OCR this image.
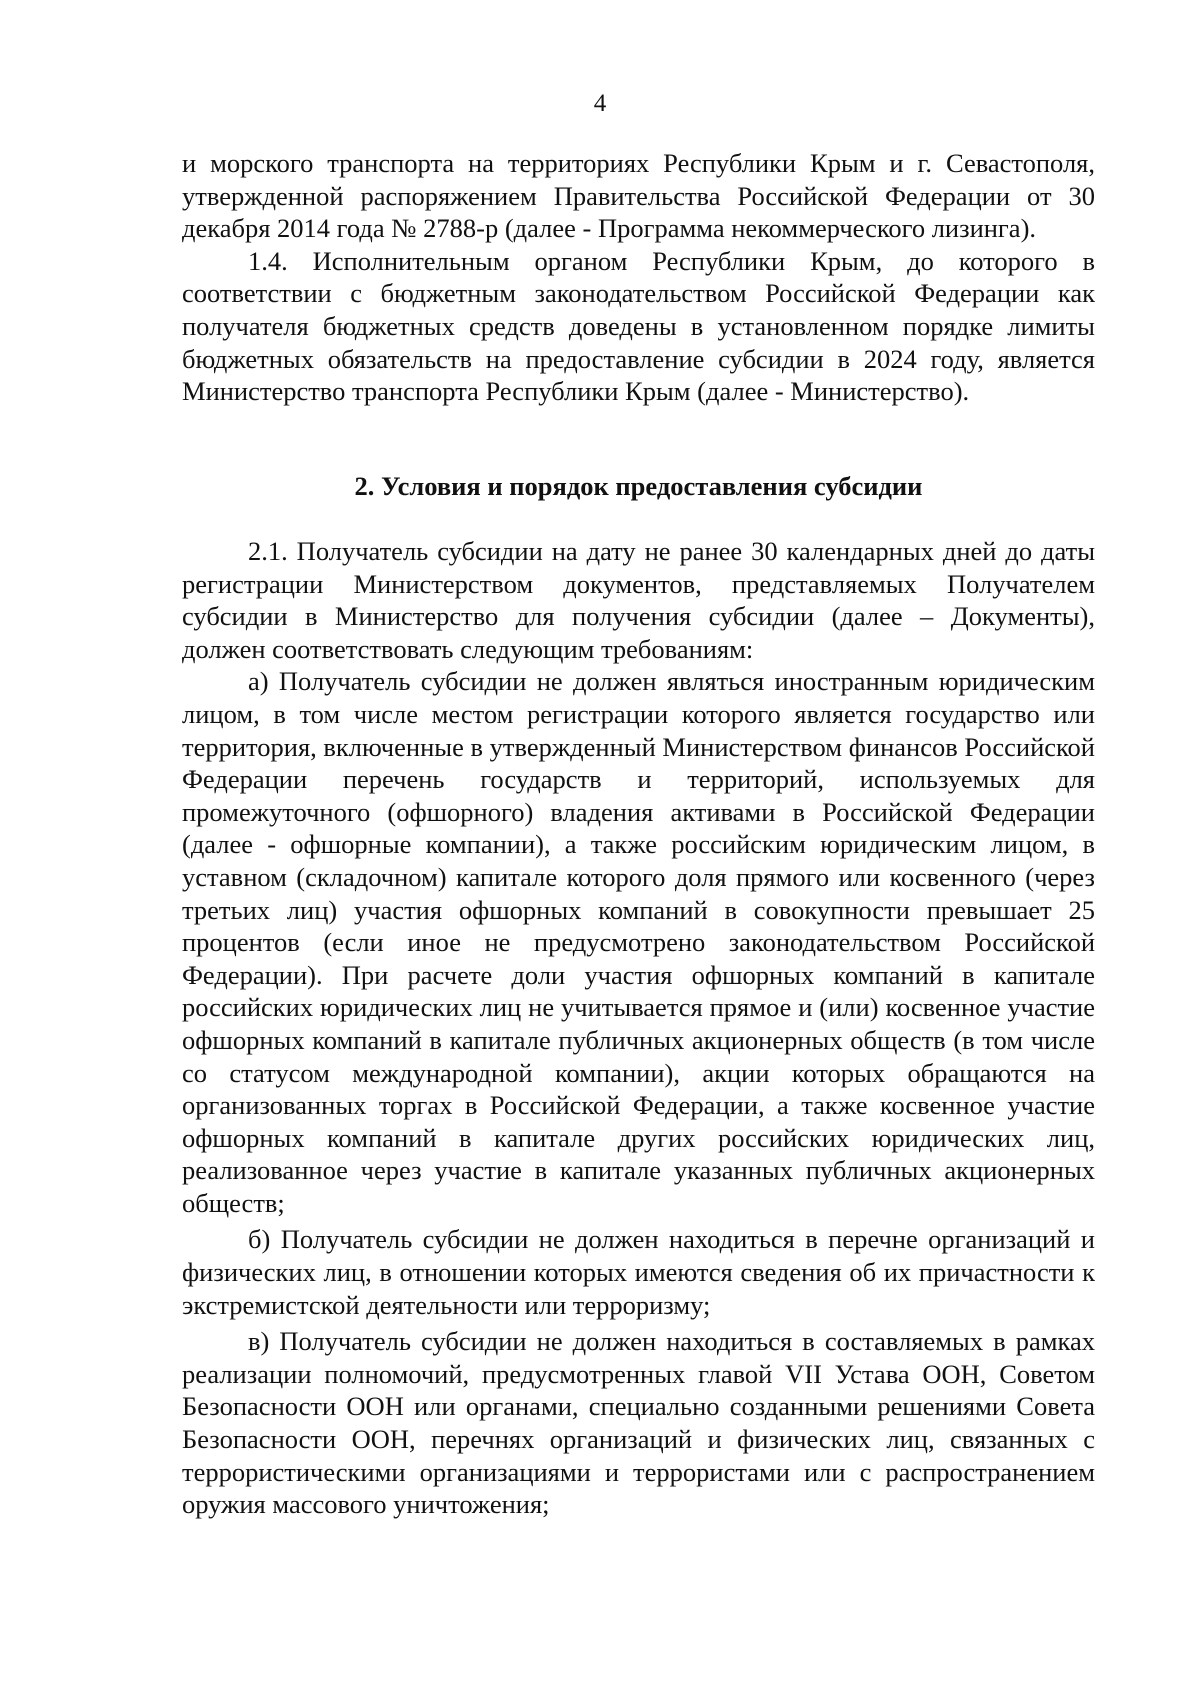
4

и морского транспорта на территориях Республики Крым и г. Севастополя, утвержденной распоряжением Правительства Российской Федерации от 30 декабря 2014 года № 2788-р (далее - Программа некоммерческого лизинга).

1.4. Исполнительным органом Республики Крым, до которого в соответствии с бюджетным законодательством Российской Федерации как получателя бюджетных средств доведены в установленном порядке лимиты бюджетных обязательств на предоставление субсидии в 2024 году, является Министерство транспорта Республики Крым (далее - Министерство).

2. Условия и порядок предоставления субсидии

2.1. Получатель субсидии на дату не ранее 30 календарных дней до даты регистрации Министерством документов, представляемых Получателем субсидии в Министерство для получения субсидии (далее – Документы), должен соответствовать следующим требованиям:

а) Получатель субсидии не должен являться иностранным юридическим лицом, в том числе местом регистрации которого является государство или территория, включенные в утвержденный Министерством финансов Российской Федерации перечень государств и территорий, используемых для промежуточного (офшорного) владения активами в Российской Федерации (далее - офшорные компании), а также российским юридическим лицом, в уставном (складочном) капитале которого доля прямого или косвенного (через третьих лиц) участия офшорных компаний в совокупности превышает 25 процентов (если иное не предусмотрено законодательством Российской Федерации). При расчете доли участия офшорных компаний в капитале российских юридических лиц не учитывается прямое и (или) косвенное участие офшорных компаний в капитале публичных акционерных обществ (в том числе со статусом международной компании), акции которых обращаются на организованных торгах в Российской Федерации, а также косвенное участие офшорных компаний в капитале других российских юридических лиц, реализованное через участие в капитале указанных публичных акционерных обществ;

б) Получатель субсидии не должен находиться в перечне организаций и физических лиц, в отношении которых имеются сведения об их причастности к экстремистской деятельности или терроризму;

в) Получатель субсидии не должен находиться в составляемых в рамках реализации полномочий, предусмотренных главой VII Устава ООН, Советом Безопасности ООН или органами, специально созданными решениями Совета Безопасности ООН, перечнях организаций и физических лиц, связанных с террористическими организациями и террористами или с распространением оружия массового уничтожения;
